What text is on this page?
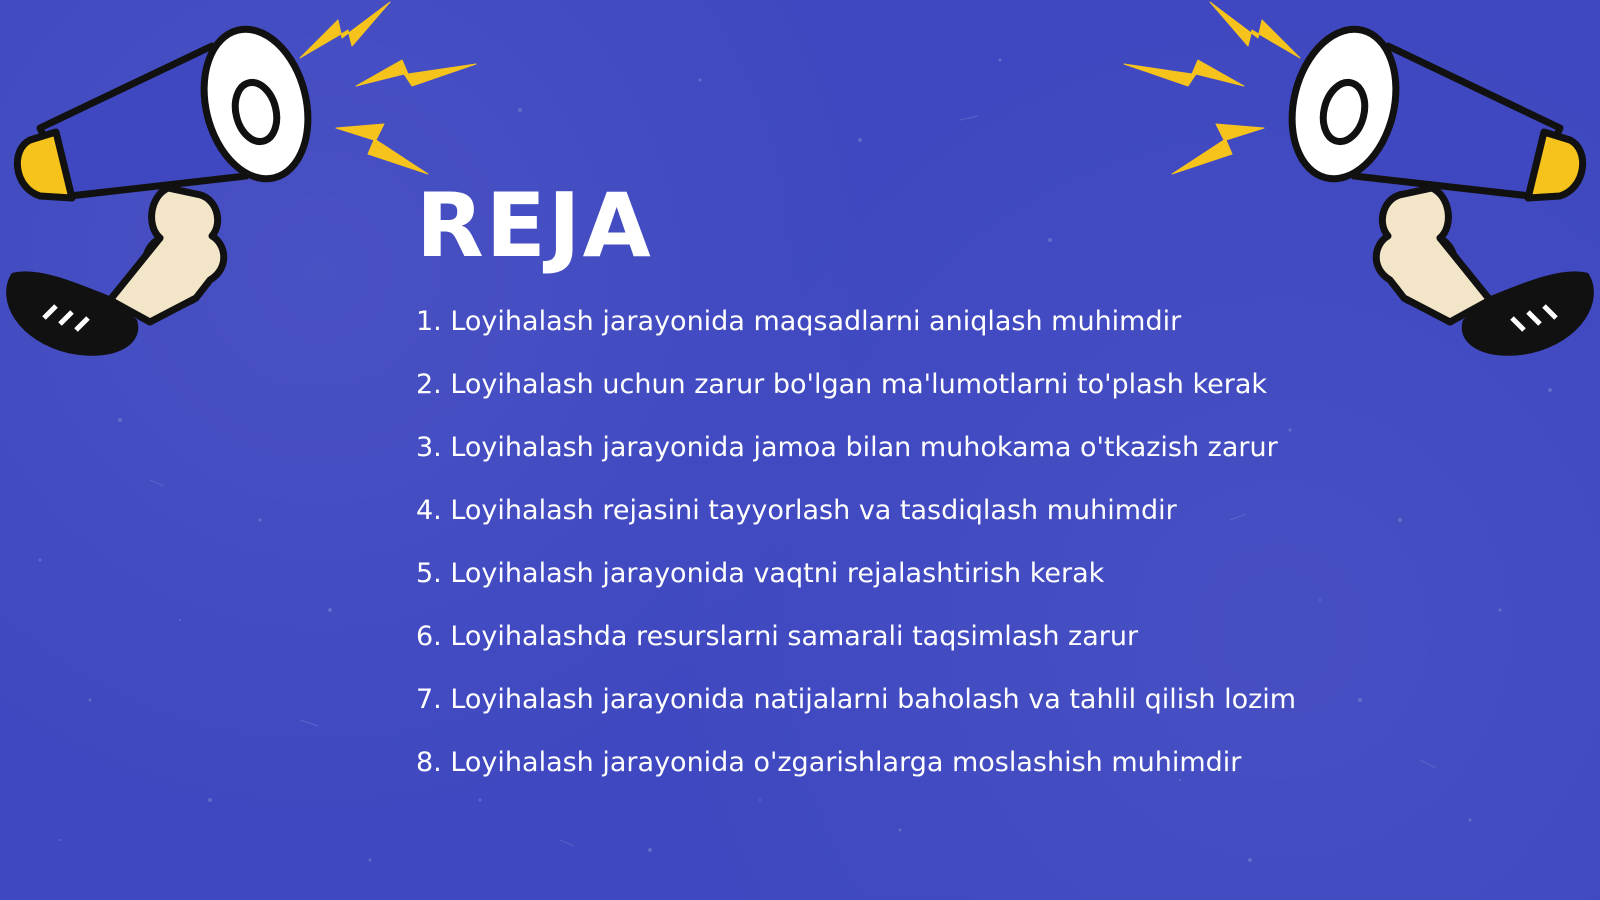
REJA
1. Loyihalash jarayonida maqsadlarni aniqlash muhimdir
2. Loyihalash uchun zarur bo'lgan ma'lumotlarni to'plash kerak
3. Loyihalash jarayonida jamoa bilan muhokama o'tkazish zarur
4. Loyihalash rejasini tayyorlash va tasdiqlash muhimdir
5. Loyihalash jarayonida vaqtni rejalashtirish kerak
6. Loyihalashda resurslarni samarali taqsimlash zarur
7. Loyihalash jarayonida natijalarni baholash va tahlil qilish lozim
8. Loyihalash jarayonida o'zgarishlarga moslashish muhimdir
